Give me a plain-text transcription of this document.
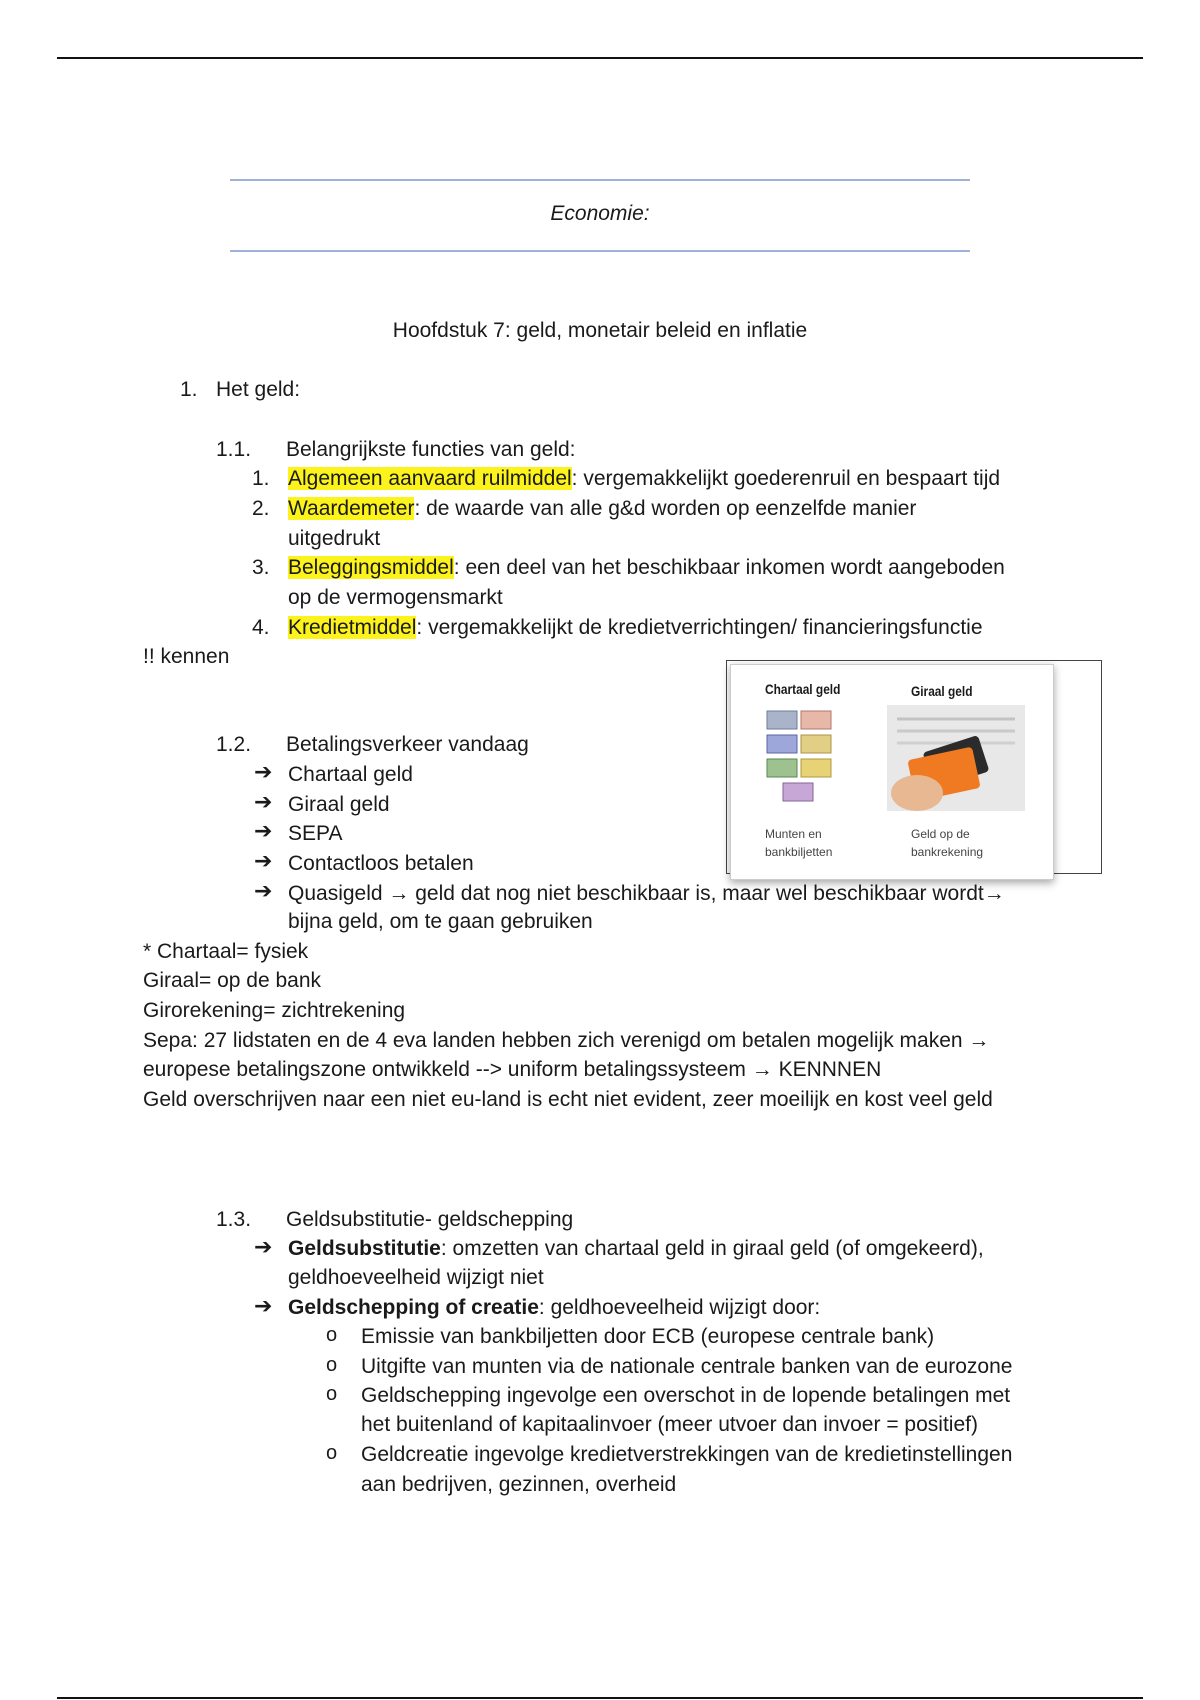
Economie:
Hoofdstuk 7: geld, monetair beleid en inflatie
1. Het geld:
1.1. Belangrijkste functies van geld:
1. Algemeen aanvaard ruilmiddel: vergemakkelijkt goederenruil en bespaart tijd
2. Waardemeter: de waarde van alle g&d worden op eenzelfde manier
uitgedrukt
3. Beleggingsmiddel: een deel van het beschikbaar inkomen wordt aangeboden
op de vermogensmarkt
4. Kredietmiddel: vergemakkelijkt de kredietverrichtingen/ financieringsfunctie
!! kennen
Chartaal geld	Giraal geld
Munten en
bankbiljetten
Geld op de
bankrekening
1.2. Betalingsverkeer vandaag
➔ Chartaal geld
➔ Giraal geld
➔ SEPA
➔ Contactloos betalen
➔ Quasigeld → geld dat nog niet beschikbaar is, maar wel beschikbaar wordt→
bijna geld, om te gaan gebruiken
* Chartaal= fysiek
Giraal= op de bank
Girorekening= zichtrekening
Sepa: 27 lidstaten en de 4 eva landen hebben zich verenigd om betalen mogelijk maken →
europese betalingszone ontwikkeld --> uniform betalingssysteem → KENNNEN
Geld overschrijven naar een niet eu-land is echt niet evident, zeer moeilijk en kost veel geld
1.3. Geldsubstitutie- geldschepping
➔ Geldsubstitutie: omzetten van chartaal geld in giraal geld (of omgekeerd),
geldhoeveelheid wijzigt niet
➔ Geldschepping of creatie: geldhoeveelheid wijzigt door:
o Emissie van bankbiljetten door ECB (europese centrale bank)
o Uitgifte van munten via de nationale centrale banken van de eurozone
o Geldschepping ingevolge een overschot in de lopende betalingen met
het buitenland of kapitaalinvoer (meer utvoer dan invoer = positief)
o Geldcreatie ingevolge kredietverstrekkingen van de kredietinstellingen
aan bedrijven, gezinnen, overheid
